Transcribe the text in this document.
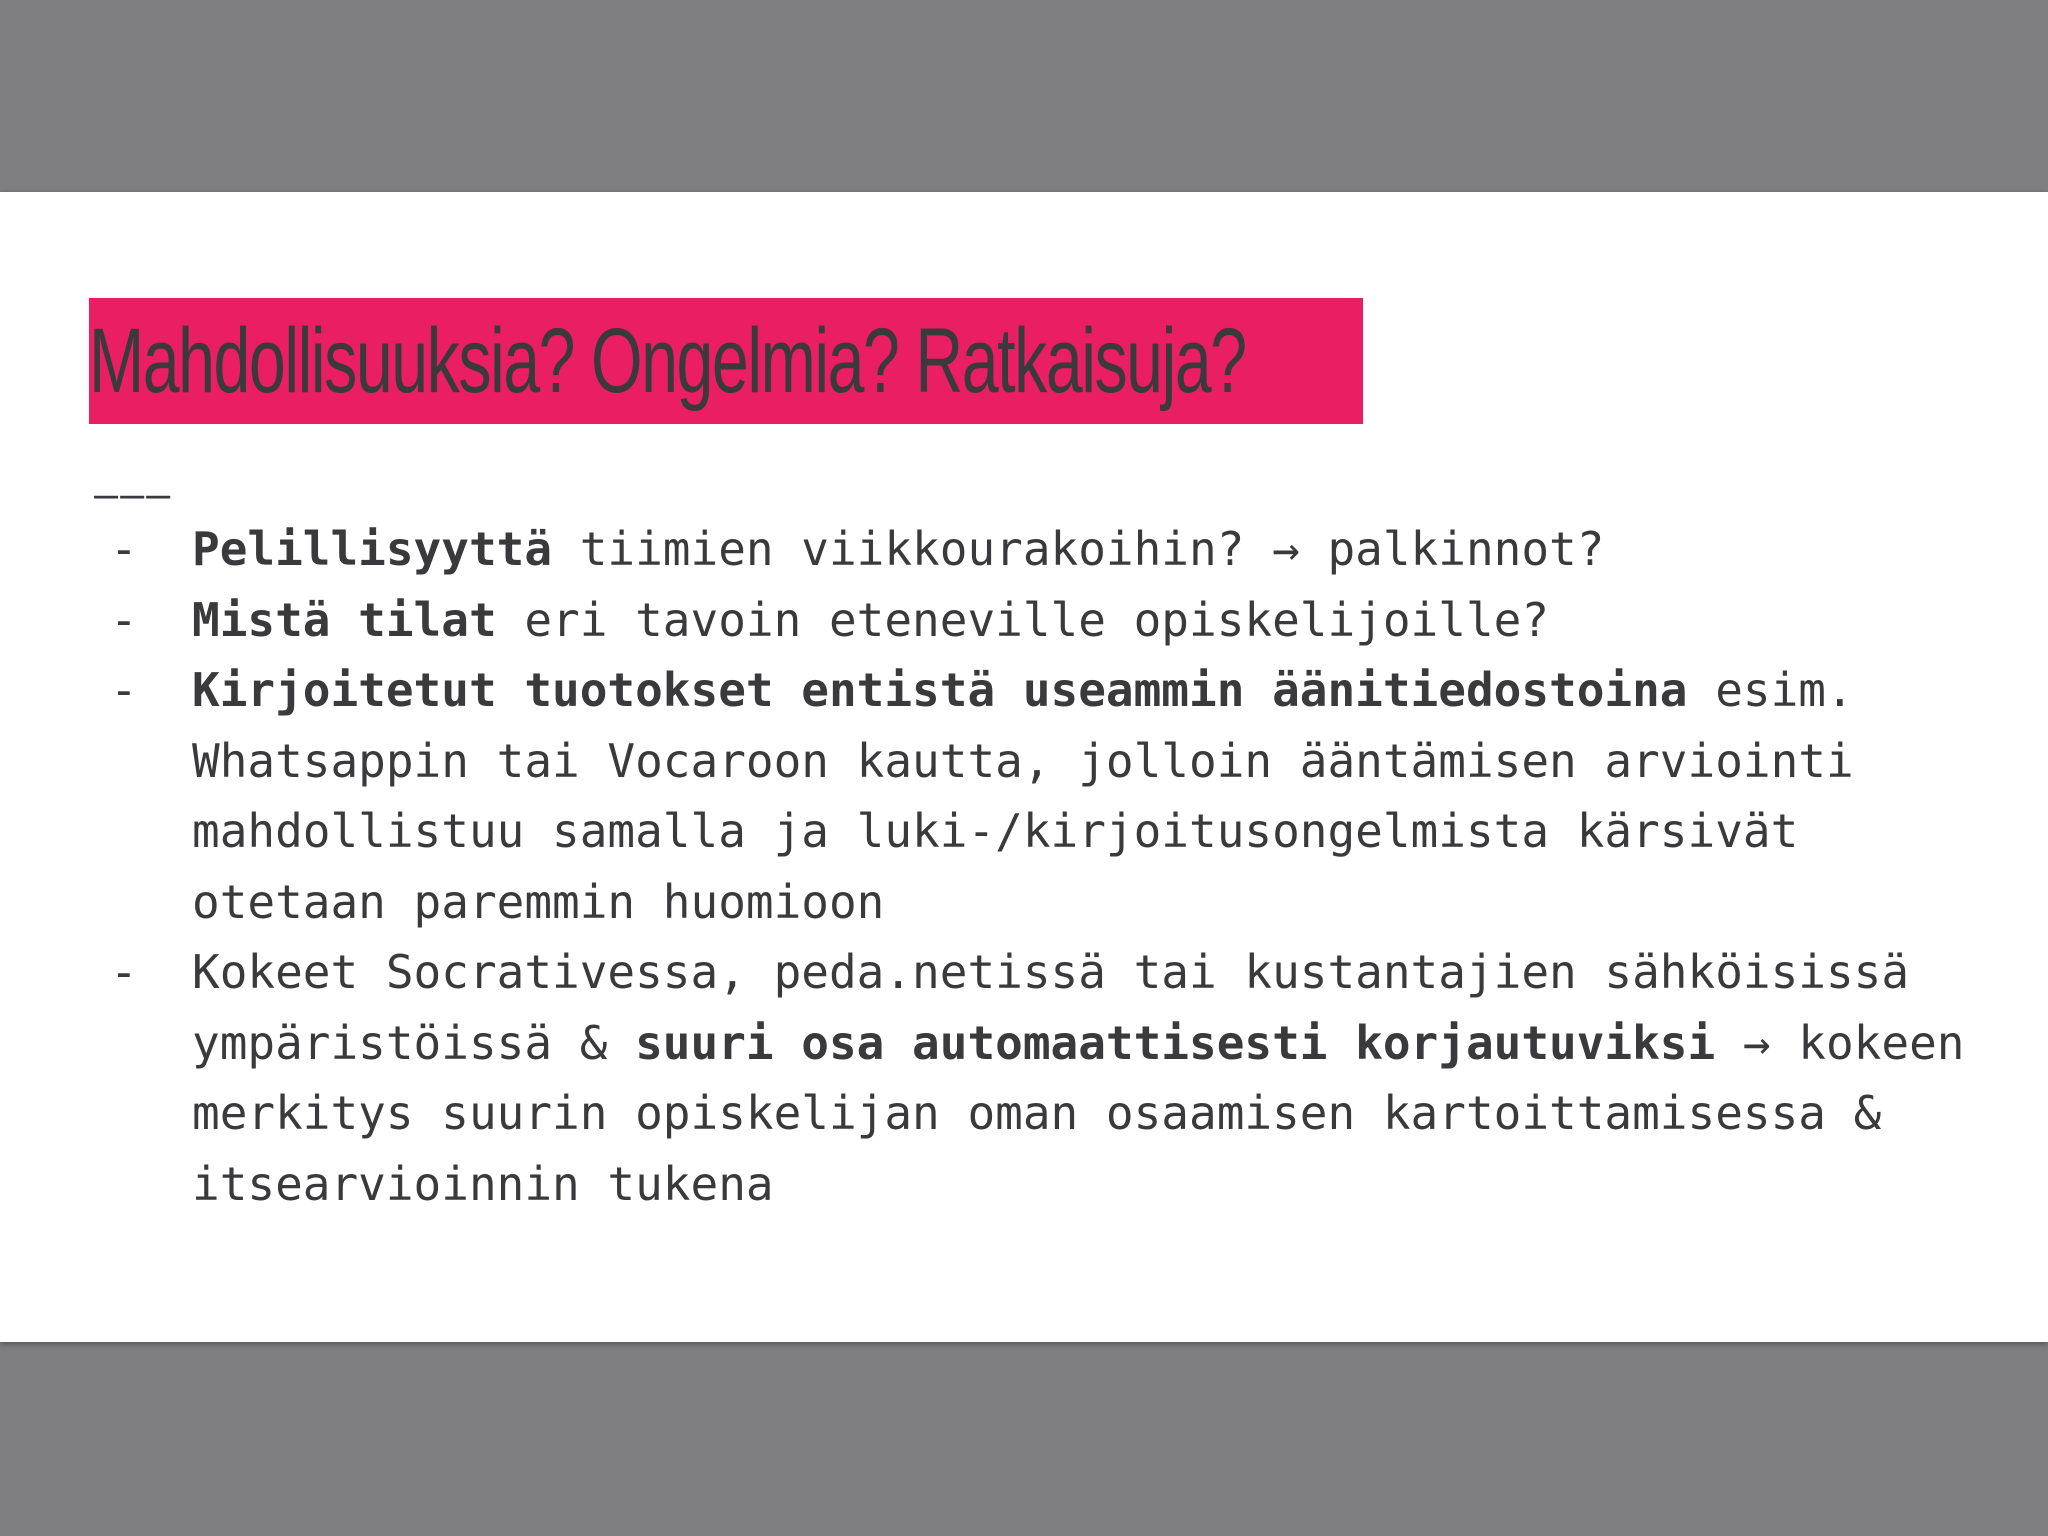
Mahdollisuuksia? Ongelmia? Ratkaisuja?
———
- Pelillisyyttä tiimien viikkourakoihin? → palkinnot?
- Mistä tilat eri tavoin eteneville opiskelijoille?
- Kirjoitetut tuotokset entistä useammin äänitiedostoina esim. Whatsappin tai Vocaroon kautta, jolloin ääntämisen arviointi mahdollistuu samalla ja luki-/kirjoitusongelmista kärsivät otetaan paremmin huomioon
- Kokeet Socrativessa, peda.netissä tai kustantajien sähköisissä ympäristöissä & suuri osa automaattisesti korjautuviksi → kokeen merkitys suurin opiskelijan oman osaamisen kartoittamisessa & itsearvioinnin tukena
